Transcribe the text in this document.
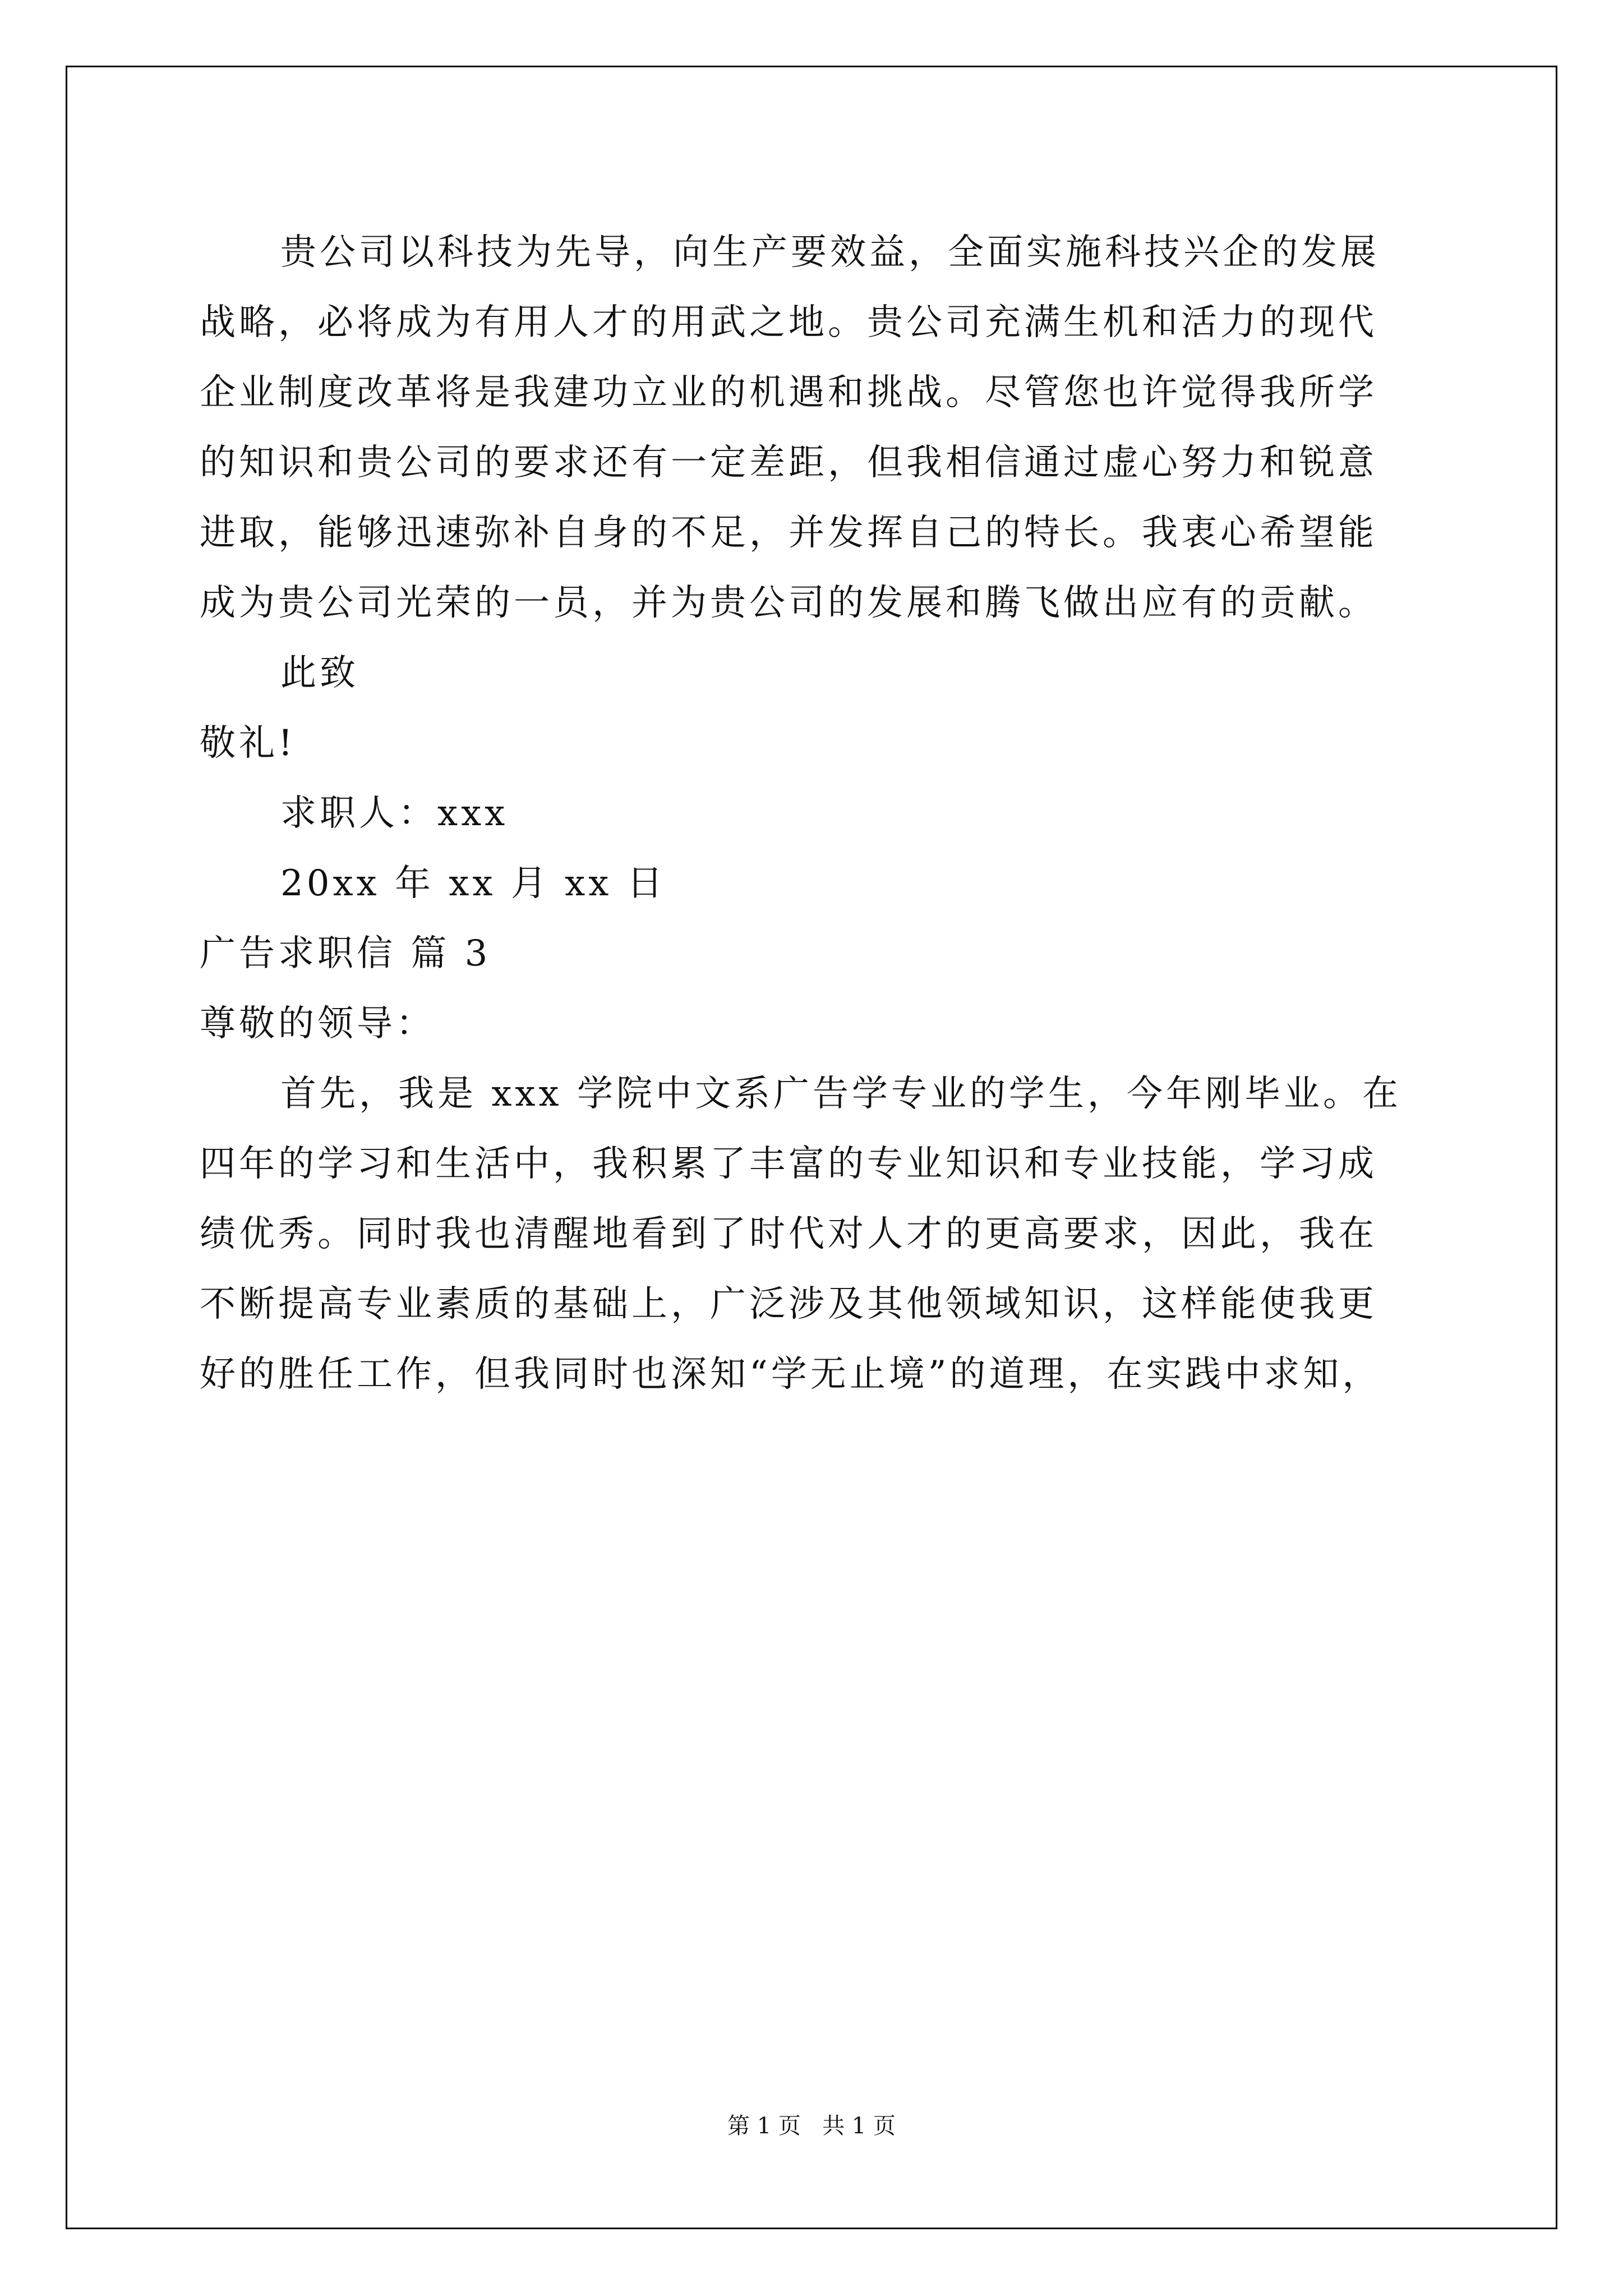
贵公司以科技为先导，向生产要效益，全面实施科技兴企的发展
战略，必将成为有用人才的用武之地。贵公司充满生机和活力的现代
企业制度改革将是我建功立业的机遇和挑战。尽管您也许觉得我所学
的知识和贵公司的要求还有一定差距，但我相信通过虚心努力和锐意
进取，能够迅速弥补自身的不足，并发挥自己的特长。我衷心希望能
成为贵公司光荣的一员，并为贵公司的发展和腾飞做出应有的贡献。
此致
敬礼!
求职人：xxx
20xx 年 xx 月 xx 日
广告求职信 篇 3
尊敬的领导：
首先，我是 xxx 学院中文系广告学专业的学生，今年刚毕业。在
四年的学习和生活中，我积累了丰富的专业知识和专业技能，学习成
绩优秀。同时我也清醒地看到了时代对人才的更高要求，因此，我在
不断提高专业素质的基础上，广泛涉及其他领域知识，这样能使我更
好的胜任工作，但我同时也深知“学无止境”的道理，在实践中求知，
第 1 页   共 1 页
